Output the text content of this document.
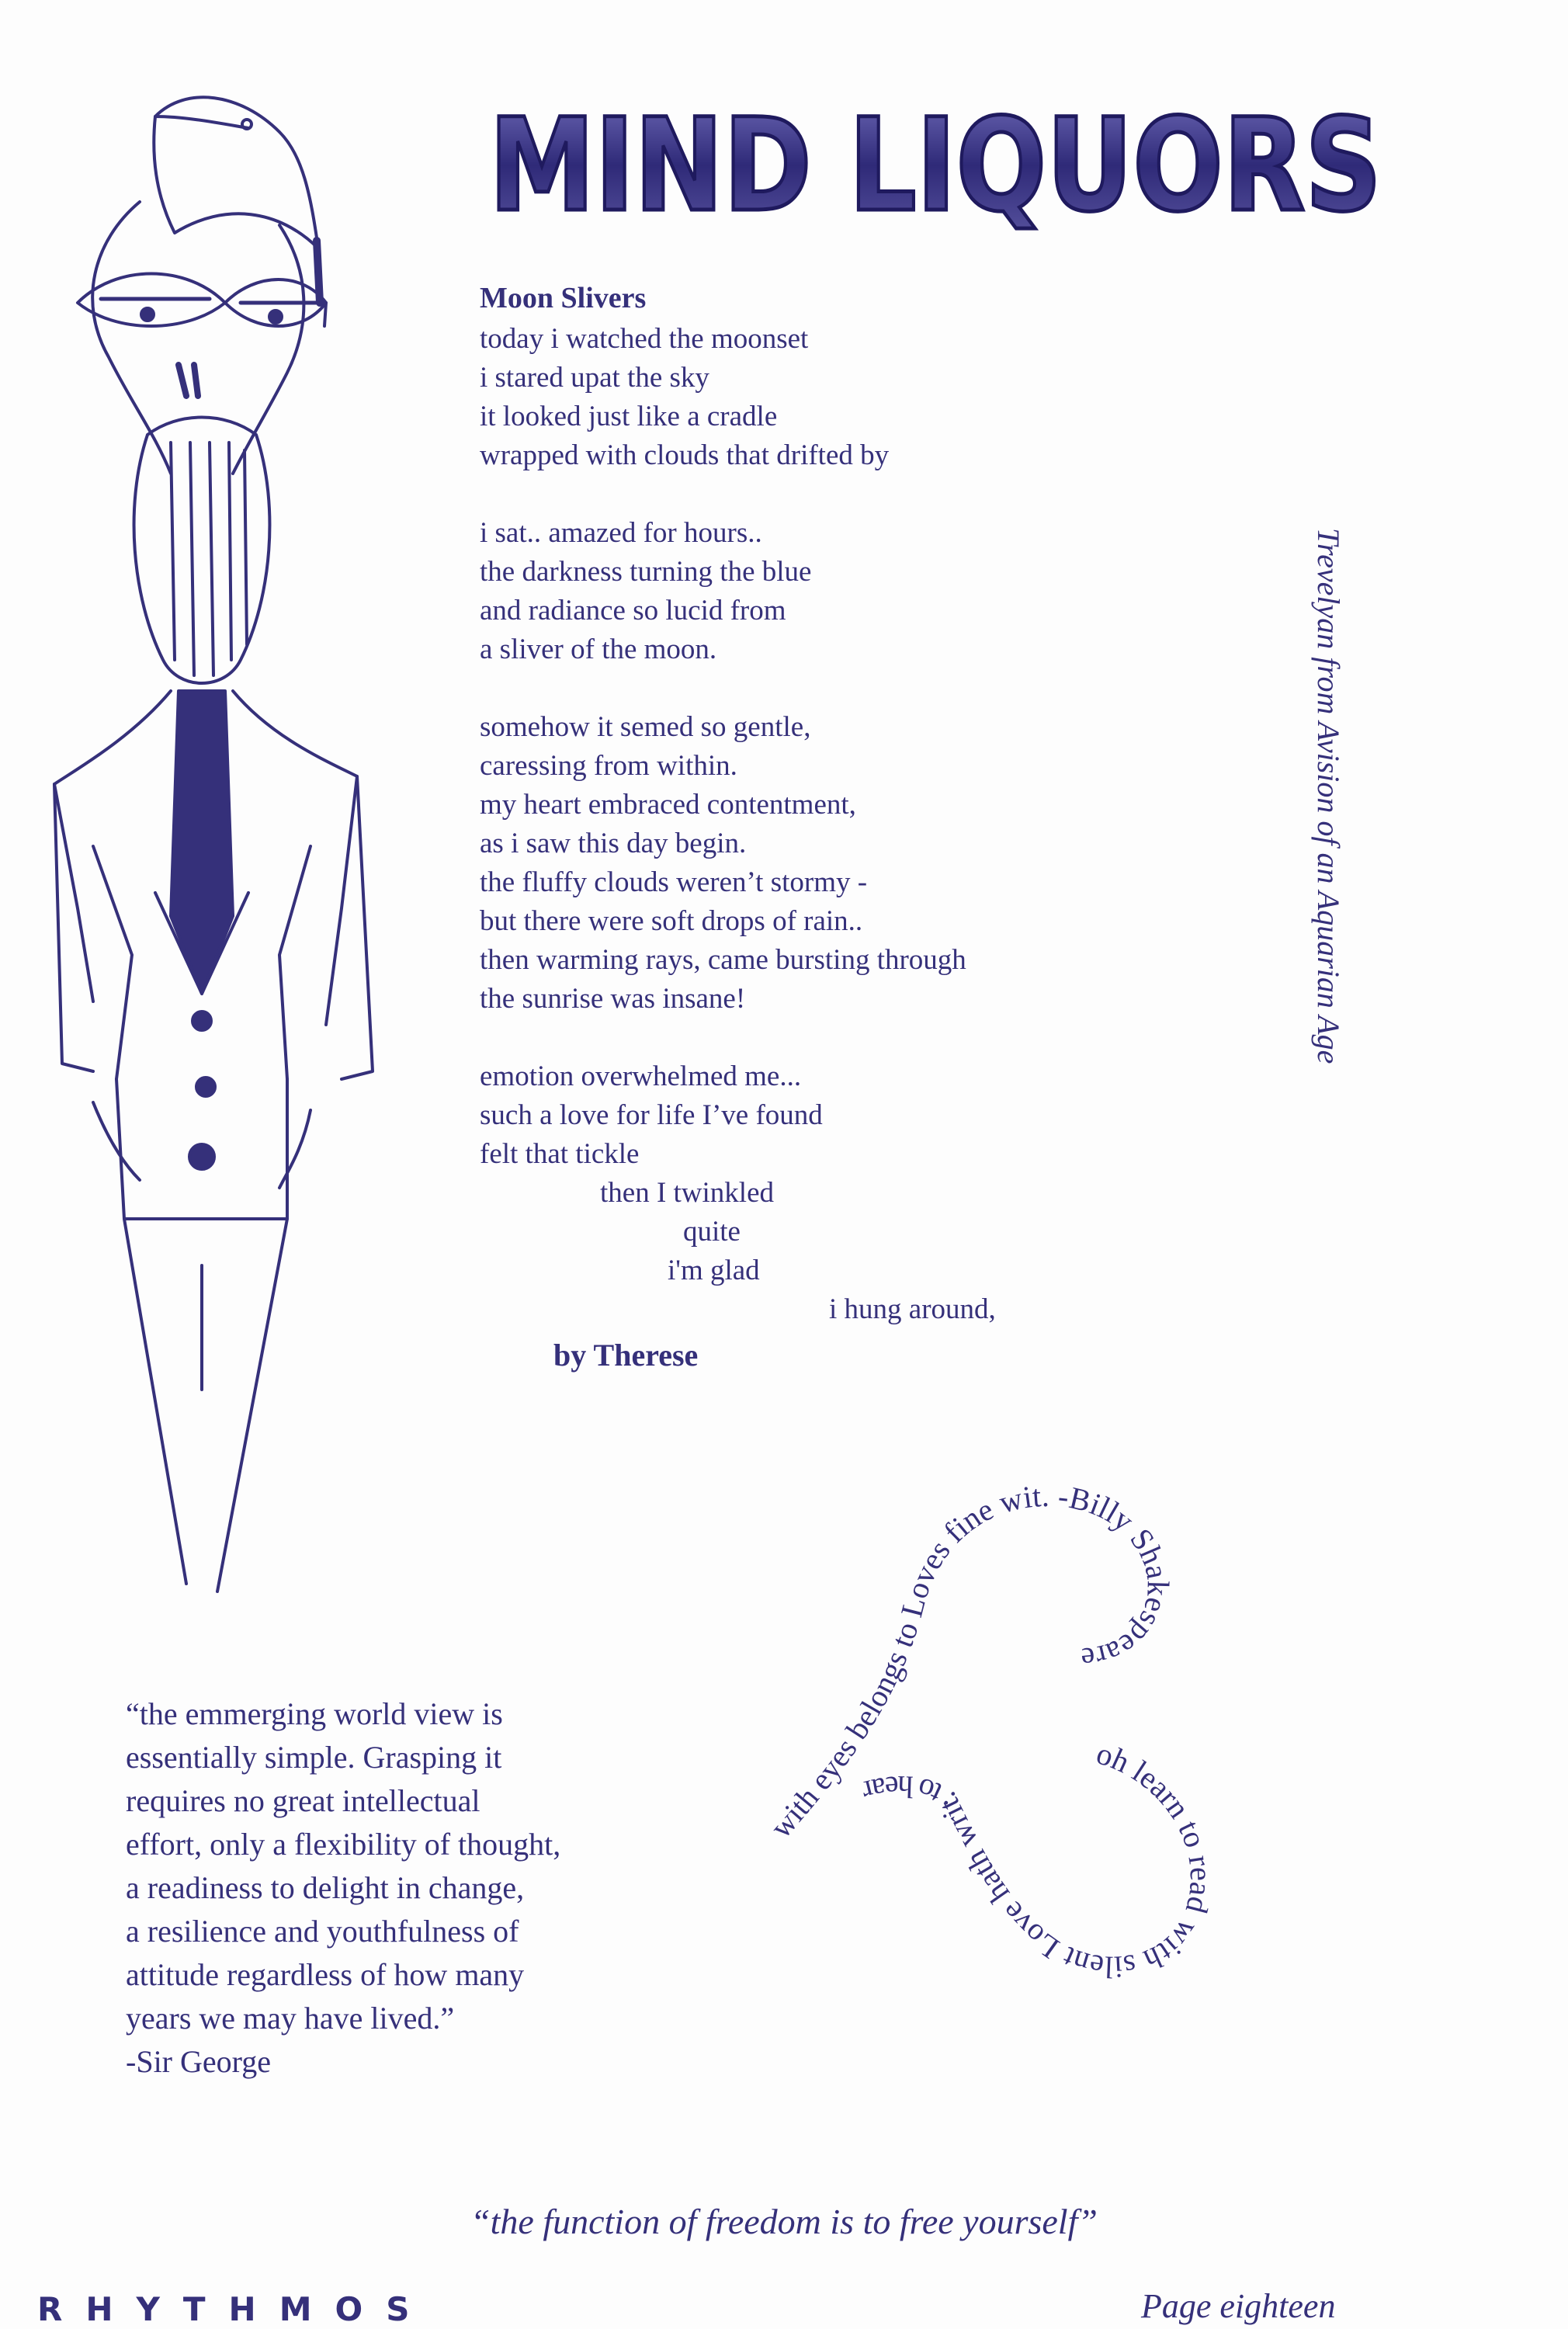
MIND LIQUORS
Moon Slivers
today i watched the moonset
i stared upat the sky
it looked just like a cradle
wrapped with clouds that drifted by
i sat.. amazed for hours..
the darkness turning the blue
and radiance so lucid from
a sliver of the moon.
somehow it semed so gentle,
caressing from within.
my heart embraced contentment,
as i saw this day begin.
the fluffy clouds weren’t stormy -
but there were soft drops of rain..
then warming rays, came bursting through
the sunrise was insane!
emotion overwhelmed me...
such a love for life I’ve found
felt that tickle
then I twinkled
quite
i'm glad
i hung around,
by Therese
Trevelyan from Avision of an Aquarian Age
“the emmerging world view is
essentially simple. Grasping it
requires no great intellectual
effort, only a flexibility of thought,
a readiness to delight in change,
a resilience and youthfulness of
attitude regardless of how many
years we may have lived.”
-Sir George
with eyes belongs to Loves fine wit. -Billy Shakespeare
oh learn to read with silent Love hath writ: to hear
“the function of freedom is to free yourself”
RHYTHMOS	Page eighteen
